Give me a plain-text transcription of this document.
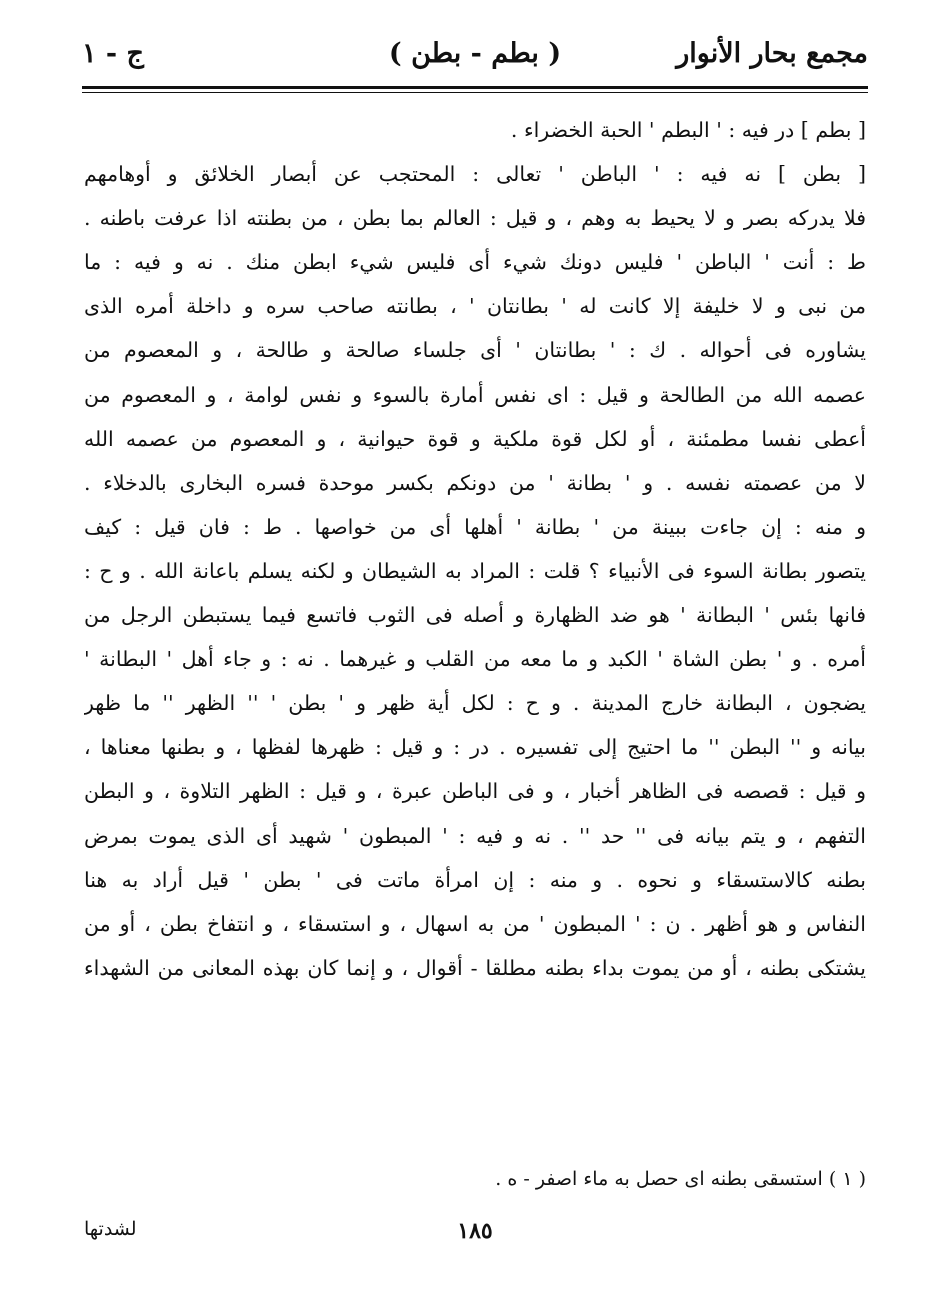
مجمع بحار الأنوار
( بطم - بطن )
ج - ١
[ بطم ] در فيه : ' البطم ' الحبة الخضراء .
[ بطن ] نه فيه : ' الباطن ' تعالى : المحتجب عن أبصار الخلائق و أوهامهم
فلا يدركه بصر و لا يحيط به وهم ، و قيل : العالم بما بطن ، من بطنته اذا عرفت باطنه .
ط : أنت ' الباطن ' فليس دونك شيء أى فليس شيء ابطن منك . نه و فيه : ما
من نبى و لا خليفة إلا كانت له ' بطانتان ' ، بطانته صاحب سره و داخلة أمره الذى
يشاوره فى أحواله . ك : ' بطانتان ' أى جلساء صالحة و طالحة ، و المعصوم من
عصمه الله من الطالحة و قيل : اى نفس أمارة بالسوء و نفس لوامة ، و المعصوم من
أعطى نفسا مطمئنة ، أو لكل قوة ملكية و قوة حيوانية ، و المعصوم من عصمه الله
لا من عصمته نفسه . و ' بطانة ' من دونكم بكسر موحدة فسره البخارى بالدخلاء .
و منه : إن جاءت ببينة من ' بطانة ' أهلها أى من خواصها . ط : فان قيل : كيف
يتصور بطانة السوء فى الأنبياء ؟ قلت : المراد به الشيطان و لكنه يسلم باعانة الله . و ح :
فانها بئس ' البطانة ' هو ضد الظهارة و أصله فى الثوب فاتسع فيما يستبطن الرجل من
أمره . و ' بطن الشاة ' الكبد و ما معه من القلب و غيرهما . نه : و جاء أهل ' البطانة '
يضجون ، البطانة خارج المدينة . و ح : لكل أية ظهر و ' بطن ' '' الظهر '' ما ظهر
بيانه و '' البطن '' ما احتيج إلى تفسيره . در : و قيل : ظهرها لفظها ، و بطنها معناها ،
و قيل : قصصه فى الظاهر أخبار ، و فى الباطن عبرة ، و قيل : الظهر التلاوة ، و البطن
التفهم ، و يتم بيانه فى '' حد '' . نه و فيه : ' المبطون ' شهيد أى الذى يموت بمرض
بطنه كالاستسقاء و نحوه . و منه : إن امرأة ماتت فى ' بطن ' قيل أراد به هنا
النفاس و هو أظهر . ن : ' المبطون ' من به اسهال ، و استسقاء ، و انتفاخ بطن ، أو من
يشتكى بطنه ، أو من يموت بداء بطنه مطلقا - أقوال ، و إنما كان بهذه المعانى من الشهداء
( ١ ) استسقى بطنه اى حصل به ماء اصفر - ه .
١٨٥
لشدتها
